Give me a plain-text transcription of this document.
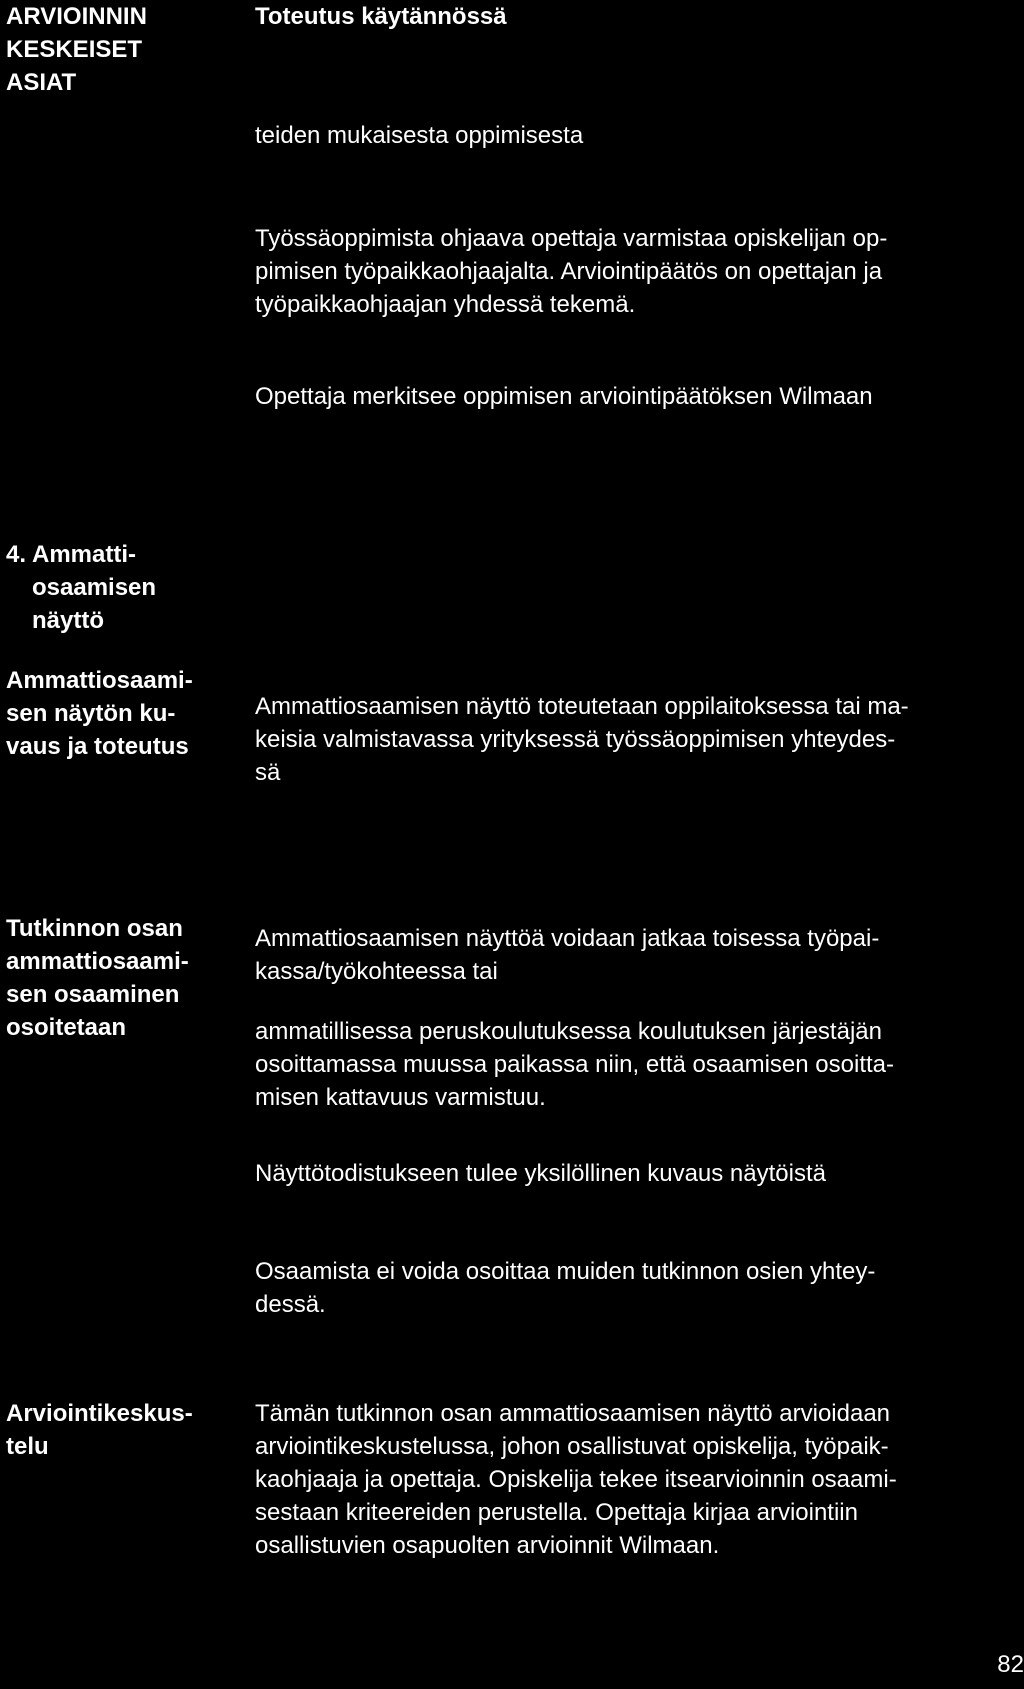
ARVIOINNIN
KESKEISET
ASIAT
Toteutus käytännössä

teiden mukaisesta oppimisesta

Työssäoppimista ohjaava opettaja varmistaa opiskelijan op-
pimisen työpaikkaohjaajalta. Arviointipäätös on opettajan ja
työpaikkaohjaajan yhdessä tekemä.

Opettaja merkitsee oppimisen arviointipäätöksen Wilmaan

4. Ammatti-
osaamisen
näyttö
Ammattiosaami-
sen näytön ku-
vaus ja toteutus

Ammattiosaamisen näyttö toteutetaan oppilaitoksessa tai ma-
keisia valmistavassa yrityksessä työssäoppimisen yhteydes-
sä

Tutkinnon osan
ammattiosaami-
sen osaaminen
osoitetaan

Ammattiosaamisen näyttöä voidaan jatkaa toisessa työpai-
kassa/työkohteessa tai

ammatillisessa peruskoulutuksessa koulutuksen järjestäjän
osoittamassa muussa paikassa niin, että osaamisen osoitta-
misen kattavuus varmistuu.

Näyttötodistukseen tulee yksilöllinen kuvaus näytöistä

Osaamista ei voida osoittaa muiden tutkinnon osien yhtey-
dessä.

Arviointikeskus-
telu

Tämän tutkinnon osan ammattiosaamisen näyttö arvioidaan
arviointikeskustelussa, johon osallistuvat opiskelija, työpaik-
kaohjaaja ja opettaja. Opiskelija tekee itsearvioinnin osaami-
sestaan kriteereiden perustella. Opettaja kirjaa arviointiin
osallistuvien osapuolten arvioinnit Wilmaan.

82
